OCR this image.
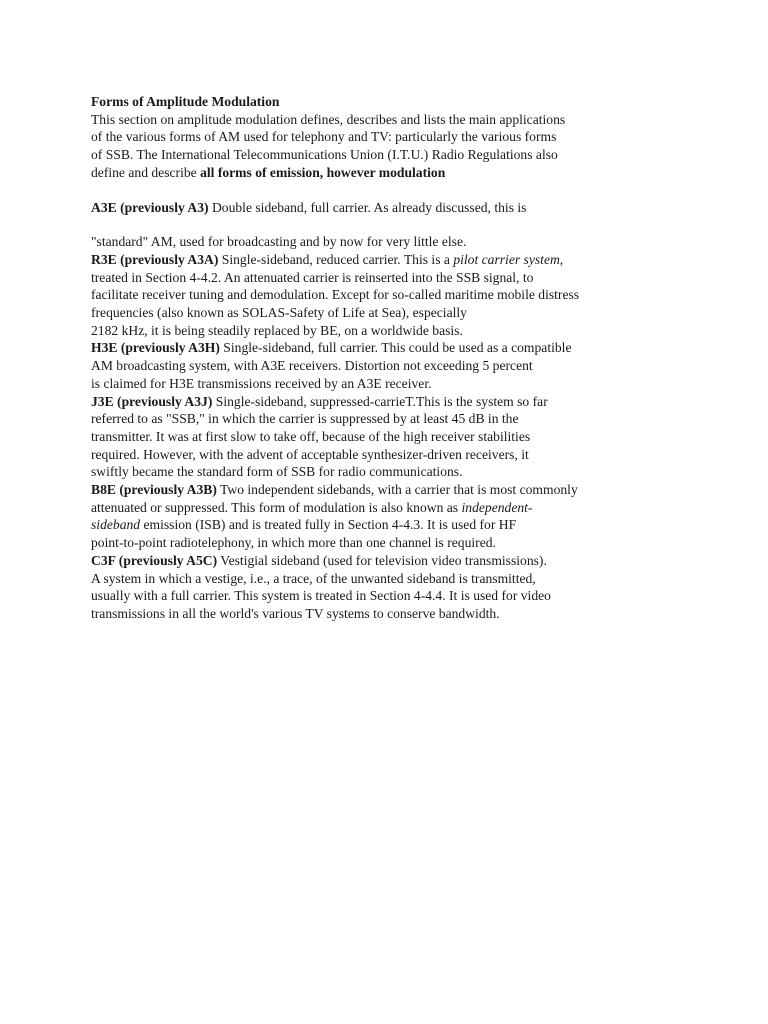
Forms of Amplitude Modulation
This section on amplitude modulation defines, describes and lists the main applications
of the various forms of AM used for telephony and TV: particularly the various forms
of SSB. The International Telecommunications Union (I.T.U.) Radio Regulations also
define and describe all forms of emission, however modulation
A3E (previously A3) Double sideband, full carrier. As already discussed, this is
"standard" AM, used for broadcasting and by now for very little else.
R3E (previously A3A) Single-sideband, reduced carrier. This is a pilot carrier system,
treated in Section 4-4.2. An attenuated carrier is reinserted into the SSB signal, to
facilitate receiver tuning and demodulation. Except for so-called maritime mobile distress
frequencies (also known as SOLAS-Safety of Life at Sea), especially
2182 kHz, it is being steadily replaced by BE, on a worldwide basis.
H3E (previously A3H) Single-sideband, full carrier. This could be used as a compatible
AM broadcasting system, with A3E receivers. Distortion not exceeding 5 percent
is claimed for H3E transmissions received by an A3E receiver.
J3E (previously A3J) Single-sideband, suppressed-carrieT.This is the system so far
referred to as "SSB," in which the carrier is suppressed by at least 45 dB in the
transmitter. It was at first slow to take off, because of the high receiver stabilities
required. However, with the advent of acceptable synthesizer-driven receivers, it
swiftly became the standard form of SSB for radio communications.
B8E (previously A3B) Two independent sidebands, with a carrier that is most commonly
attenuated or suppressed. This form of modulation is also known as independent-
sideband emission (ISB) and is treated fully in Section 4-4.3. It is used for HF
point-to-point radiotelephony, in which more than one channel is required.
C3F (previously A5C) Vestigial sideband (used for television video transmissions).
A system in which a vestige, i.e., a trace, of the unwanted sideband is transmitted,
usually with a full carrier. This system is treated in Section 4-4.4. It is used for video
transmissions in all the world's various TV systems to conserve bandwidth.
